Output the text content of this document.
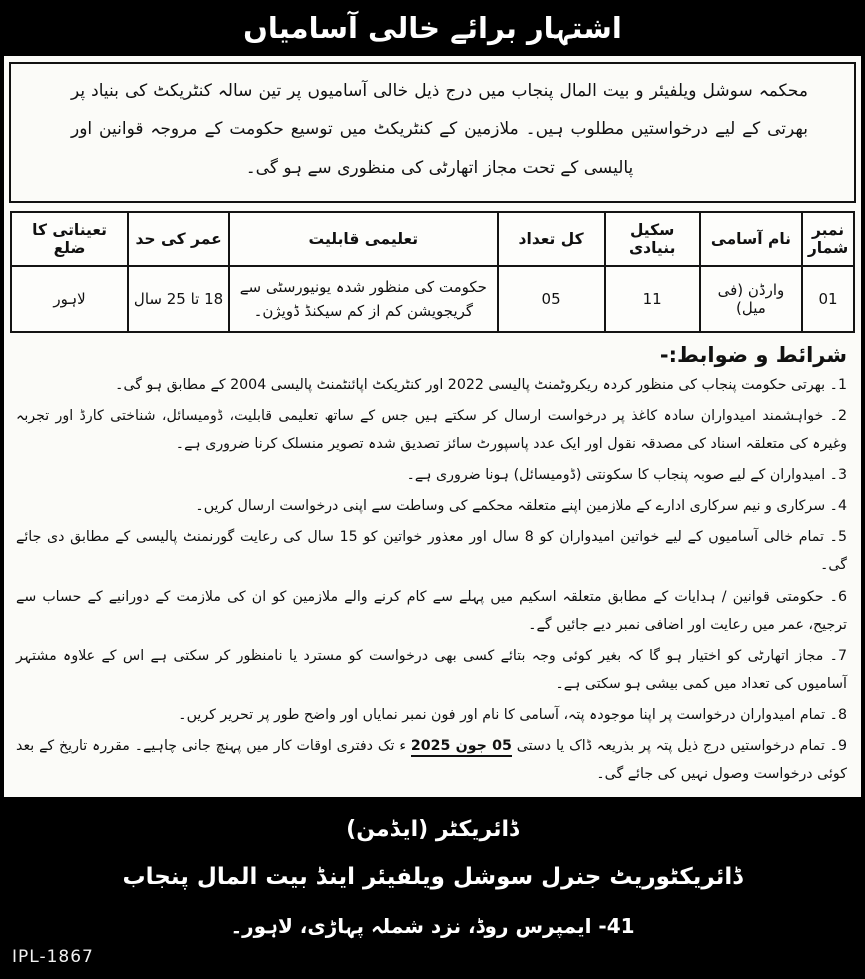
اشتہار برائے خالی آسامیاں
محکمہ سوشل ویلفیئر و بیت المال پنجاب میں درج ذیل خالی آسامیوں پر تین سالہ کنٹریکٹ کی بنیاد پر بھرتی کے لیے درخواستیں مطلوب ہیں۔ ملازمین کے کنٹریکٹ میں توسیع حکومت کے مروجہ قوانین اور پالیسی کے تحت مجاز اتھارٹی کی منظوری سے ہو گی۔
نمبر شمار	نام آسامی	سکیل بنیادی	کل تعداد	تعلیمی قابلیت	عمر کی حد	تعیناتی کا ضلع
01	وارڈن (فی میل)	11	05	حکومت کی منظور شدہ یونیورسٹی سے گریجویشن کم از کم سیکنڈ ڈویژن۔	18 تا 25 سال	لاہور
شرائط و ضوابط:-

1۔ بھرتی حکومت پنجاب کی منظور کردہ ریکروٹمنٹ پالیسی 2022 اور کنٹریکٹ اپائنٹمنٹ پالیسی 2004 کے مطابق ہو گی۔

2۔ خواہشمند امیدواران سادہ کاغذ پر درخواست ارسال کر سکتے ہیں جس کے ساتھ تعلیمی قابلیت، ڈومیسائل، شناختی کارڈ اور تجربہ وغیرہ کی متعلقہ اسناد کی مصدقہ نقول اور ایک عدد پاسپورٹ سائز تصدیق شدہ تصویر منسلک کرنا ضروری ہے۔

3۔ امیدواران کے لیے صوبہ پنجاب کا سکونتی (ڈومیسائل) ہونا ضروری ہے۔

4۔ سرکاری و نیم سرکاری ادارے کے ملازمین اپنے متعلقہ محکمے کی وساطت سے اپنی درخواست ارسال کریں۔

5۔ تمام خالی آسامیوں کے لیے خواتین امیدواران کو 8 سال اور معذور خواتین کو 15 سال کی رعایت گورنمنٹ پالیسی کے مطابق دی جائے گی۔

6۔ حکومتی قوانین / ہدایات کے مطابق متعلقہ اسکیم میں پہلے سے کام کرنے والے ملازمین کو ان کی ملازمت کے دورانیے کے حساب سے ترجیح، عمر میں رعایت اور اضافی نمبر دیے جائیں گے۔

7۔ مجاز اتھارٹی کو اختیار ہو گا کہ بغیر کوئی وجہ بتائے کسی بھی درخواست کو مسترد یا نامنظور کر سکتی ہے اس کے علاوہ مشتہر آسامیوں کی تعداد میں کمی بیشی ہو سکتی ہے۔

8۔ تمام امیدواران درخواست پر اپنا موجودہ پتہ، آسامی کا نام اور فون نمبر نمایاں اور واضح طور پر تحریر کریں۔

9۔ تمام درخواستیں درج ذیل پتہ پر بذریعہ ڈاک یا دستی 05 جون 2025 ء تک دفتری اوقات کار میں پہنچ جانی چاہیے۔ مقررہ تاریخ کے بعد کوئی درخواست وصول نہیں کی جائے گی۔

ڈائریکٹر (ایڈمن)
ڈائریکٹوریٹ جنرل سوشل ویلفیئر اینڈ بیت المال پنجاب
41- ایمپرس روڈ، نزد شملہ پہاڑی، لاہور۔
IPL-1867
